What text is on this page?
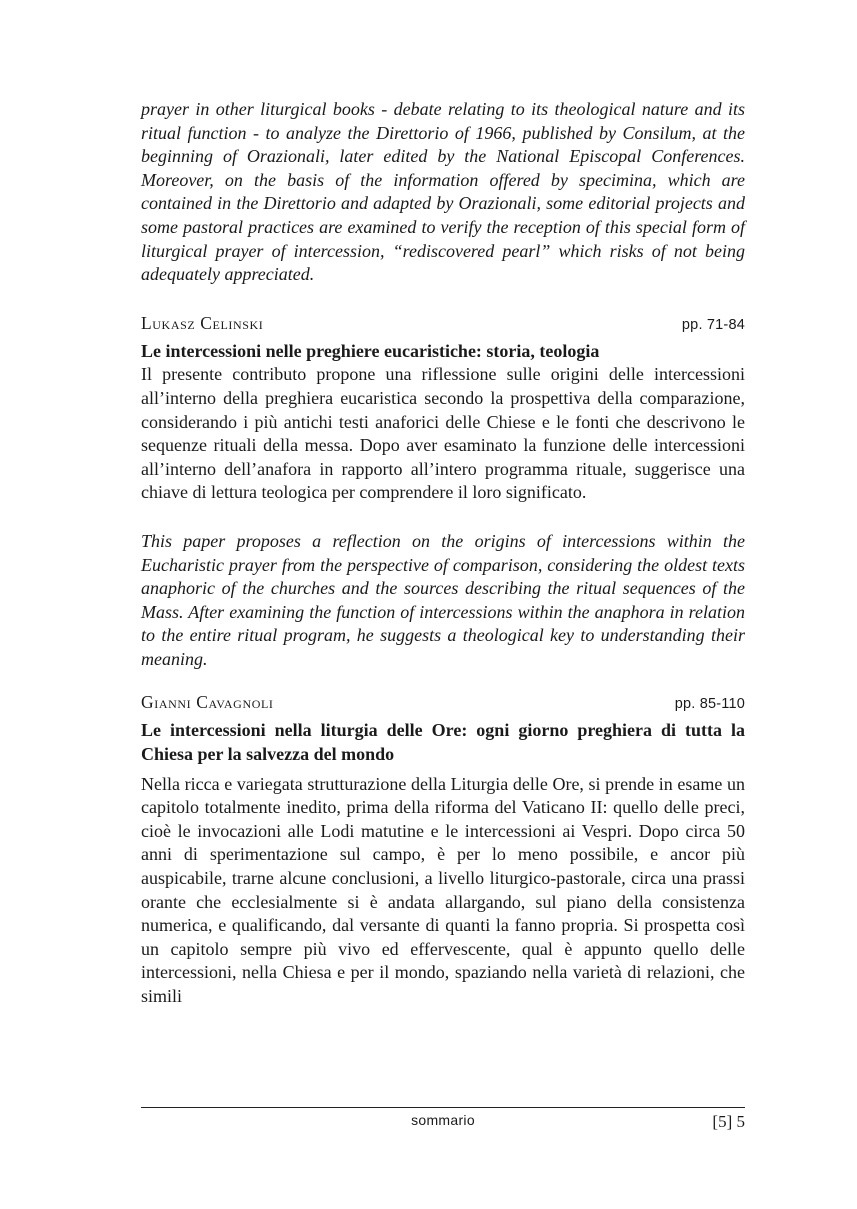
prayer in other liturgical books - debate relating to its theological nature and its ritual function - to analyze the Direttorio of 1966, published by Consilum, at the beginning of Orazionali, later edited by the National Episcopal Conferences. Moreover, on the basis of the information offered by specimina, which are contained in the Direttorio and adapted by Orazionali, some editorial projects and some pastoral practices are examined to verify the reception of this special form of liturgical prayer of intercession, “rediscovered pearl” which risks of not being adequately appreciated.

Lukasz Celinski	pp. 71-84

Le intercessioni nelle preghiere eucaristiche: storia, teologia

Il presente contributo propone una riflessione sulle origini delle intercessioni all’interno della preghiera eucaristica secondo la prospettiva della comparazione, considerando i più antichi testi anaforici delle Chiese e le fonti che descrivono le sequenze rituali della messa. Dopo aver esaminato la funzione delle intercessioni all’interno dell’anafora in rapporto all’intero programma rituale, suggerisce una chiave di lettura teologica per comprendere il loro significato.

This paper proposes a reflection on the origins of intercessions within the Eucharistic prayer from the perspective of comparison, considering the oldest texts anaphoric of the churches and the sources describing the ritual sequences of the Mass. After examining the function of intercessions within the anaphora in relation to the entire ritual program, he suggests a theological key to understanding their meaning.

Gianni Cavagnoli	pp. 85-110

Le intercessioni nella liturgia delle Ore: ogni giorno preghiera di tutta la Chiesa per la salvezza del mondo

Nella ricca e variegata strutturazione della Liturgia delle Ore, si prende in esame un capitolo totalmente inedito, prima della riforma del Vaticano II: quello delle preci, cioè le invocazioni alle Lodi matutine e le intercessioni ai Vespri. Dopo circa 50 anni di sperimentazione sul campo, è per lo meno possibile, e ancor più auspicabile, trarne alcune conclusioni, a livello liturgico-pastorale, circa una prassi orante che ecclesialmente si è andata allargando, sul piano della consistenza numerica, e qualificando, dal versante di quanti la fanno propria. Si prospetta così un capitolo sempre più vivo ed effervescente, qual è appunto quello delle intercessioni, nella Chiesa e per il mondo, spaziando nella varietà di relazioni, che simili

sommario	[5] 5
